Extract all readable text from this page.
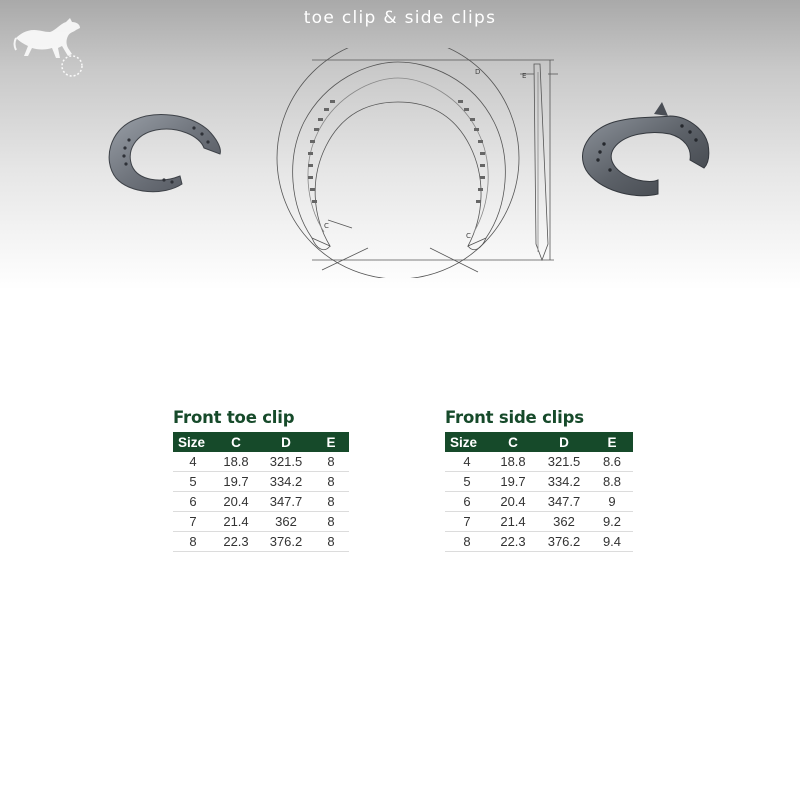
toe clip & side clips
D	E
C
C
Front toe clip
Size	C	D	E
4	18.8	321.5	8
5	19.7	334.2	8
6	20.4	347.7	8
7	21.4	362	8
8	22.3	376.2	8
Front side clips
Size	C	D	E
4	18.8	321.5	8.6
5	19.7	334.2	8.8
6	20.4	347.7	9
7	21.4	362	9.2
8	22.3	376.2	9.4
